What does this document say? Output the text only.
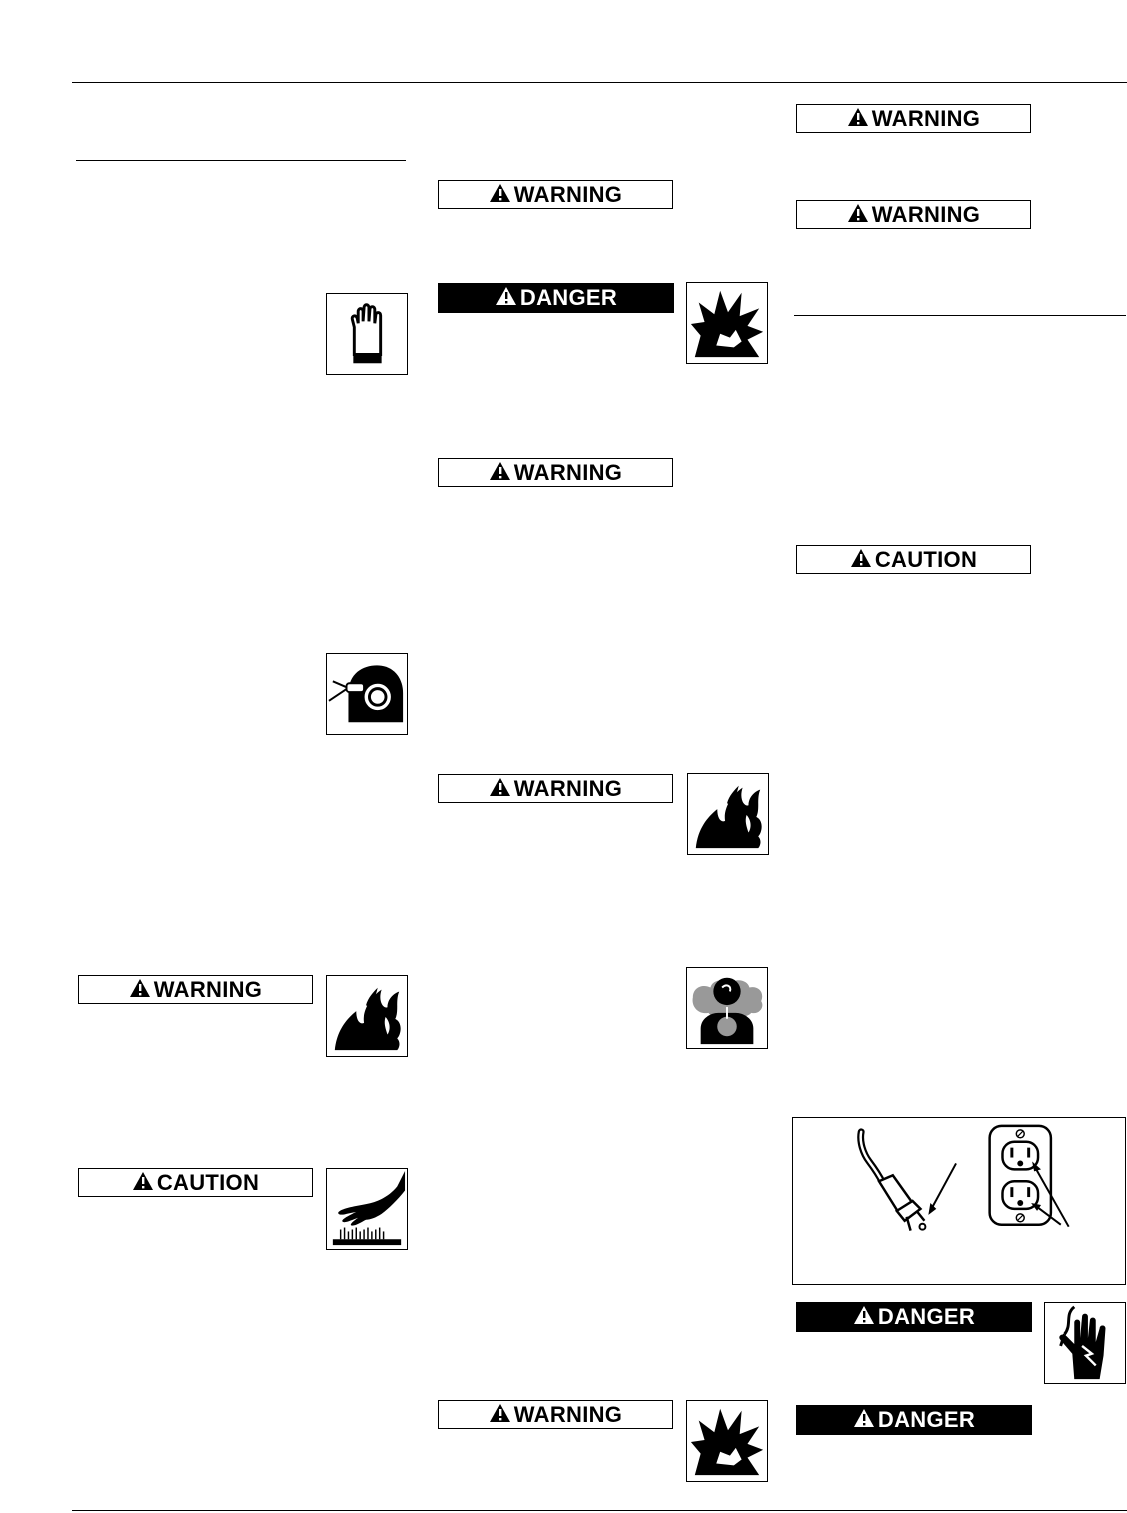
WARNING
CAUTION
WARNING
DANGER
WARNING
WARNING
WARNING
WARNING
WARNING
CAUTION
DANGER
DANGER
